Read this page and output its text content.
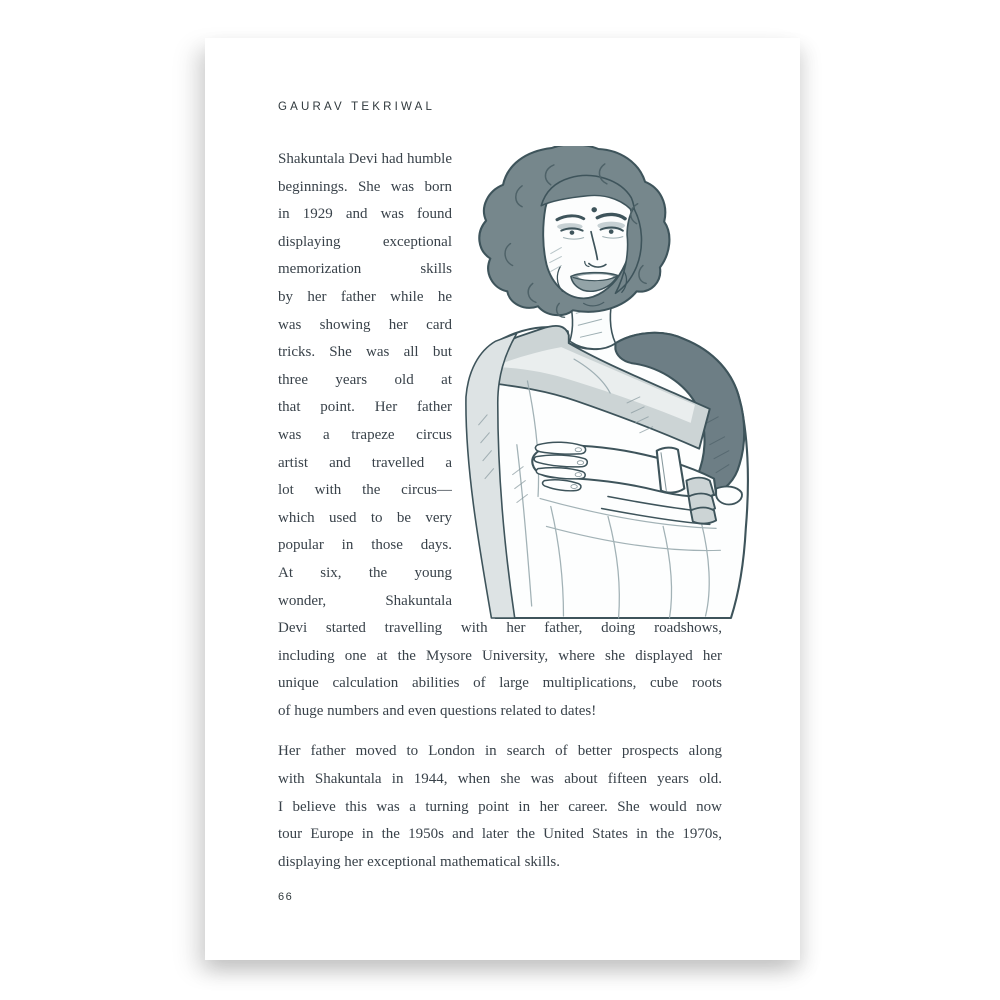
GAURAV TEKRIWAL
Shakuntala Devi had humble
beginnings. She was born
in 1929 and was found
displaying exceptional
memorization skills
by her father while he
was showing her card
tricks. She was all but
three years old at
that point. Her father
was a trapeze circus
artist and travelled a
lot with the circus—
which used to be very
popular in those days.
At six, the young
wonder, Shakuntala
Devi started travelling with her father, doing roadshows,
including one at the Mysore University, where she displayed her
unique calculation abilities of large multiplications, cube roots
of huge numbers and even questions related to dates!
Her father moved to London in search of better prospects along
with Shakuntala in 1944, when she was about fifteen years old.
I believe this was a turning point in her career. She would now
tour Europe in the 1950s and later the United States in the 1970s,
displaying her exceptional mathematical skills.
66
